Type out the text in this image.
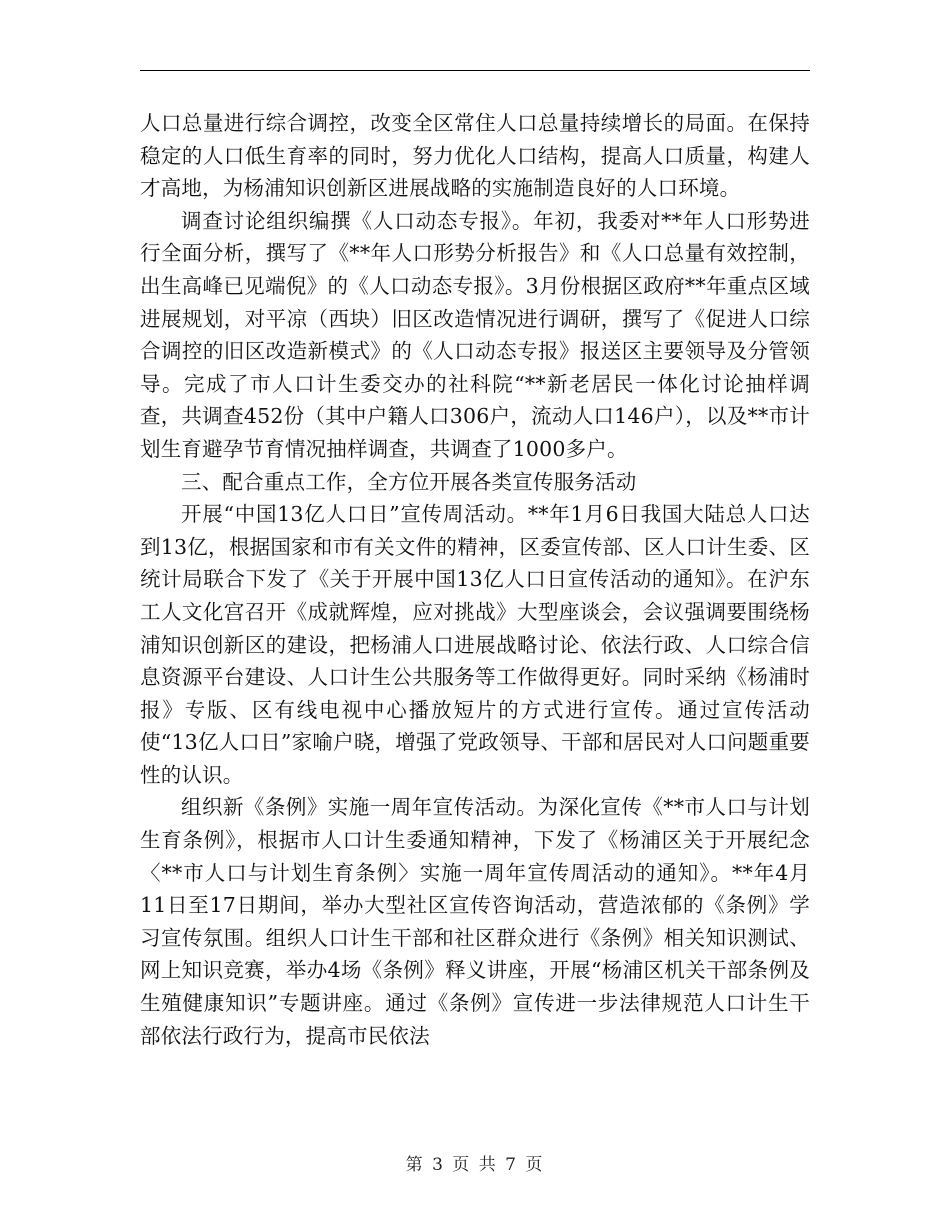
人口总量进行综合调控，改变全区常住人口总量持续增长的局面。在保持稳定的人口低生育率的同时，努力优化人口结构，提高人口质量，构建人才高地，为杨浦知识创新区进展战略的实施制造良好的人口环境。

调查讨论组织编撰《人口动态专报》。年初，我委对**年人口形势进行全面分析，撰写了《**年人口形势分析报告》和《人口总量有效控制，出生高峰已见端倪》的《人口动态专报》。3月份根据区政府**年重点区域进展规划，对平凉（西块）旧区改造情况进行调研，撰写了《促进人口综合调控的旧区改造新模式》的《人口动态专报》报送区主要领导及分管领导。完成了市人口计生委交办的社科院“**新老居民一体化讨论抽样调查，共调查452份（其中户籍人口306户，流动人口146户），以及**市计划生育避孕节育情况抽样调查，共调查了1000多户。

三、配合重点工作，全方位开展各类宣传服务活动

开展“中国13亿人口日”宣传周活动。**年1月6日我国大陆总人口达到13亿，根据国家和市有关文件的精神，区委宣传部、区人口计生委、区统计局联合下发了《关于开展中国13亿人口日宣传活动的通知》。在沪东工人文化宫召开《成就辉煌，应对挑战》大型座谈会，会议强调要围绕杨浦知识创新区的建设，把杨浦人口进展战略讨论、依法行政、人口综合信息资源平台建设、人口计生公共服务等工作做得更好。同时采纳《杨浦时报》专版、区有线电视中心播放短片的方式进行宣传。通过宣传活动使“13亿人口日”家喻户晓，增强了党政领导、干部和居民对人口问题重要性的认识。

组织新《条例》实施一周年宣传活动。为深化宣传《**市人口与计划生育条例》，根据市人口计生委通知精神，下发了《杨浦区关于开展纪念〈**市人口与计划生育条例〉实施一周年宣传周活动的通知》。**年4月11日至17日期间，举办大型社区宣传咨询活动，营造浓郁的《条例》学习宣传氛围。组织人口计生干部和社区群众进行《条例》相关知识测试、网上知识竞赛，举办4场《条例》释义讲座，开展“杨浦区机关干部条例及生殖健康知识”专题讲座。通过《条例》宣传进一步法律规范人口计生干部依法行政行为，提高市民依法

第 3 页 共 7 页
